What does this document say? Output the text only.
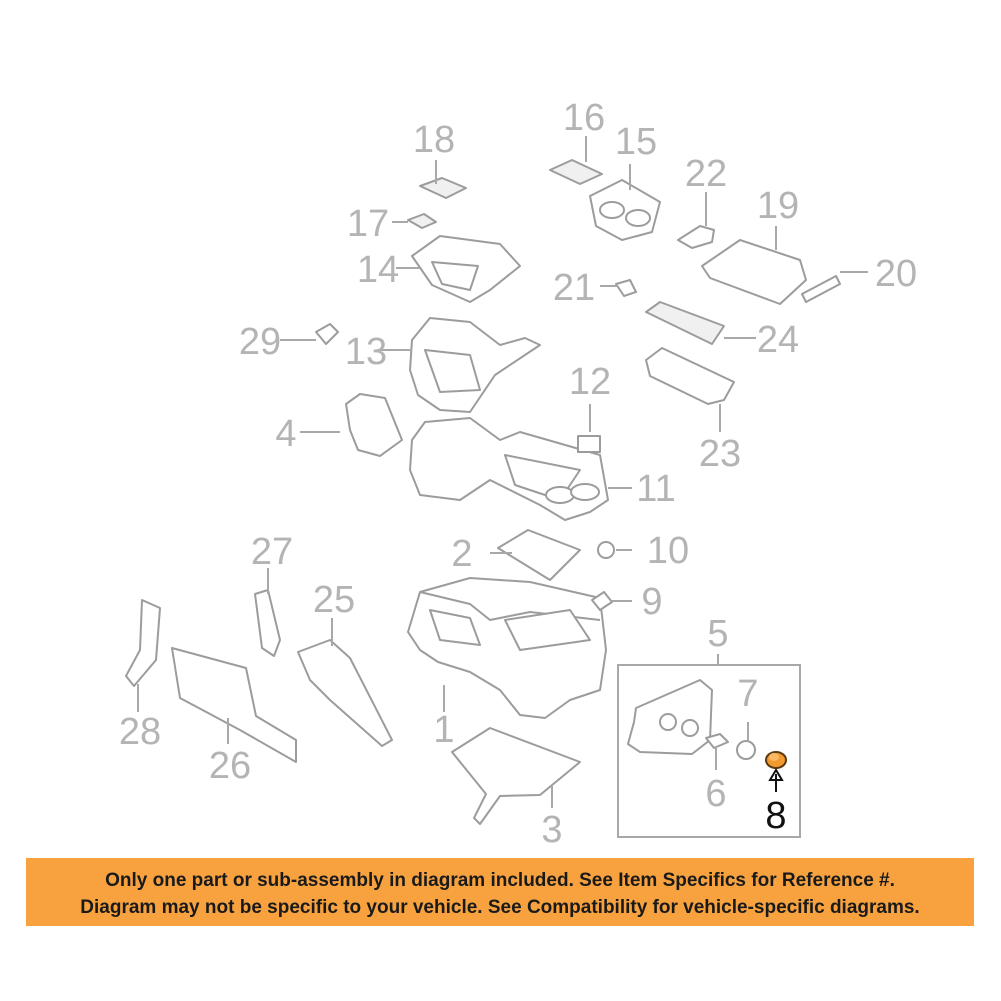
1
2
3
4
5
6
7
8
9
10
11
12
13
14
15
16
17
18
19
20
21
22
23
24
25
26
27
28
29
Only one part or sub-assembly in diagram included. See Item Specifics for Reference #.
Diagram may not be specific to your vehicle. See Compatibility for vehicle-specific diagrams.
